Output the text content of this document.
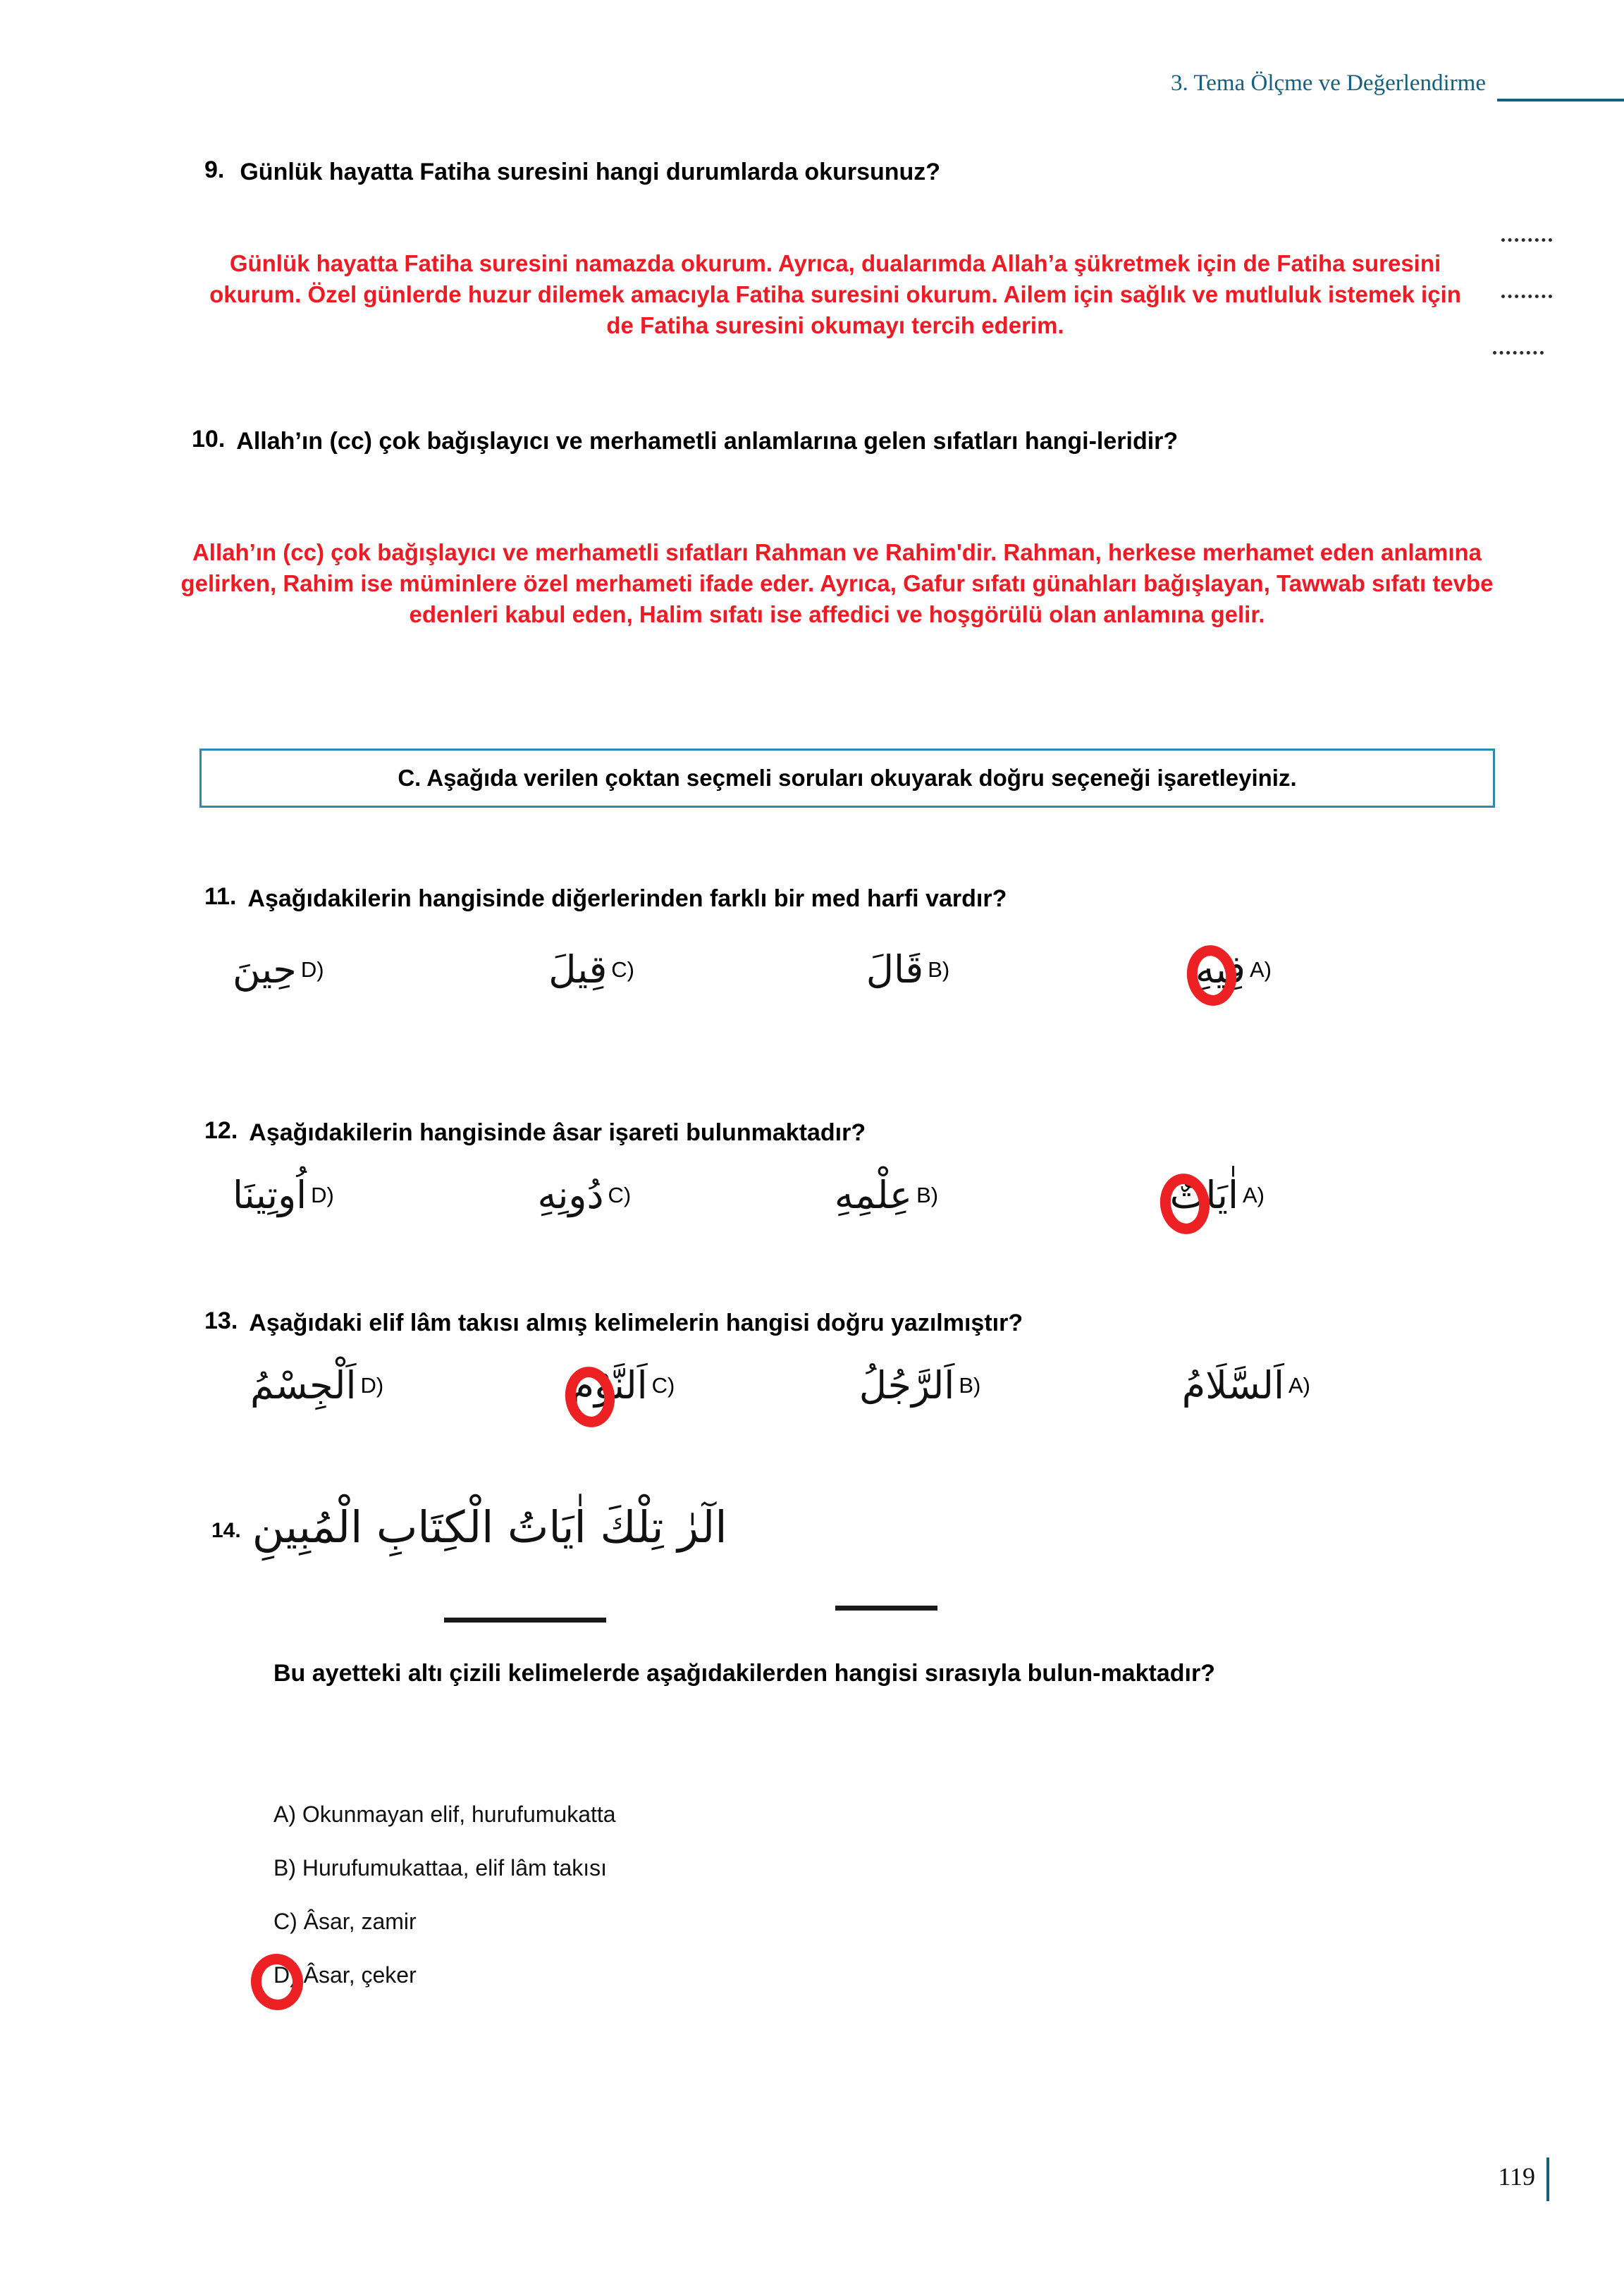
3. Tema Ölçme ve Değerlendirme
9. Günlük hayatta Fatiha suresini hangi durumlarda okursunuz?
Günlük hayatta Fatiha suresini namazda okurum. Ayrıca, dualarımda Allah’a şükretmek için de Fatiha suresini okurum. Özel günlerde huzur dilemek amacıyla Fatiha suresini okurum. Ailem için sağlık ve mutluluk istemek için de Fatiha suresini okumayı tercih ederim.
10. Allah’ın (cc) çok bağışlayıcı ve merhametli anlamlarına gelen sıfatları hangi-leridir?
Allah’ın (cc) çok bağışlayıcı ve merhametli sıfatları Rahman ve Rahim'dir. Rahman, herkese merhamet eden anlamına gelirken, Rahim ise müminlere özel merhameti ifade eder. Ayrıca, Gafur sıfatı günahları bağışlayan, Tawwab sıfatı tevbe edenleri kabul eden, Halim sıfatı ise affedici ve hoşgörülü olan anlamına gelir.
C. Aşağıda verilen çoktan seçmeli soruları okuyarak doğru seçeneği işaretleyiniz.
11. Aşağıdakilerin hangisinde diğerlerinden farklı bir med harfi vardır?
A)
فِيهِ
B)
قَالَ
C)
قِيلَ
D)
حِينَ
12. Aşağıdakilerin hangisinde âsar işareti bulunmaktadır?
A)
اٰيَاتٌ
B)
عِلْمِهِ
C)
دُونِهِ
D)
اُوتِينَا
13. Aşağıdaki elif lâm takısı almış kelimelerin hangisi doğru yazılmıştır?
A)
اَلسَّلَامُ
B)
اَلرَّجُلُ
C)
اَلنَّوْمُ
D)
اَلْجِسْمُ
14. الٓرٰ تِلْكَ اٰيَاتُ الْكِتَابِ الْمُبِينِ
Bu ayetteki altı çizili kelimelerde aşağıdakilerden hangisi sırasıyla bulun-maktadır?
A) Okunmayan elif, hurufumukatta
B) Hurufumukattaa, elif lâm takısı
C) Âsar, zamir
D) Âsar, çeker
119
